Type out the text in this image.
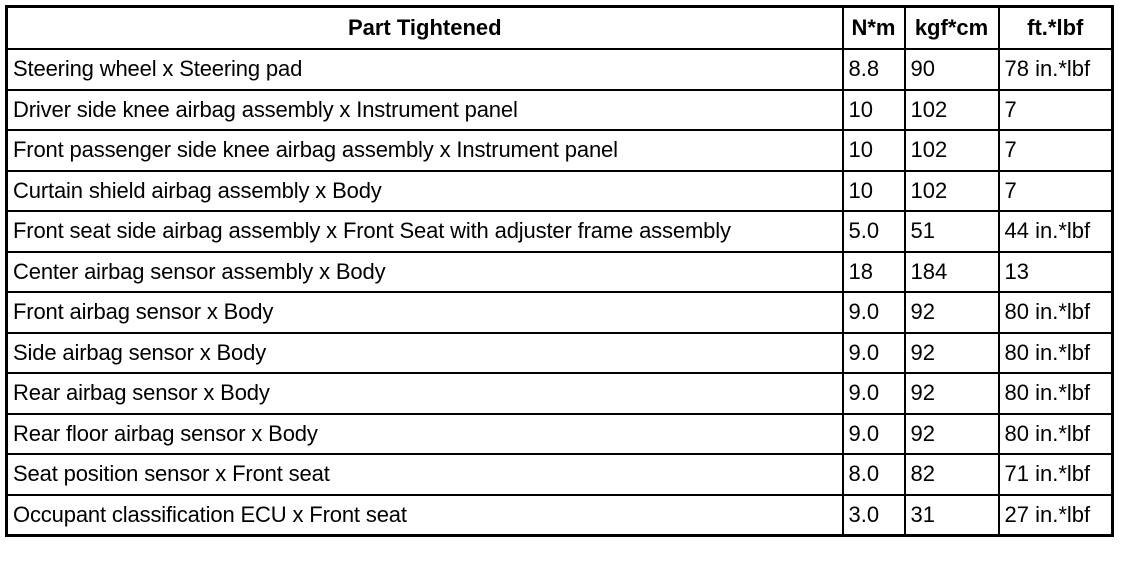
Part Tightened	N*m	kgf*cm	ft.*lbf
Steering wheel x Steering pad	8.8	90	78 in.*lbf
Driver side knee airbag assembly x Instrument panel	10	102	7
Front passenger side knee airbag assembly x Instrument panel	10	102	7
Curtain shield airbag assembly x Body	10	102	7
Front seat side airbag assembly x Front Seat with adjuster frame assembly	5.0	51	44 in.*lbf
Center airbag sensor assembly x Body	18	184	13
Front airbag sensor x Body	9.0	92	80 in.*lbf
Side airbag sensor x Body	9.0	92	80 in.*lbf
Rear airbag sensor x Body	9.0	92	80 in.*lbf
Rear floor airbag sensor x Body	9.0	92	80 in.*lbf
Seat position sensor x Front seat	8.0	82	71 in.*lbf
Occupant classification ECU x Front seat	3.0	31	27 in.*lbf
